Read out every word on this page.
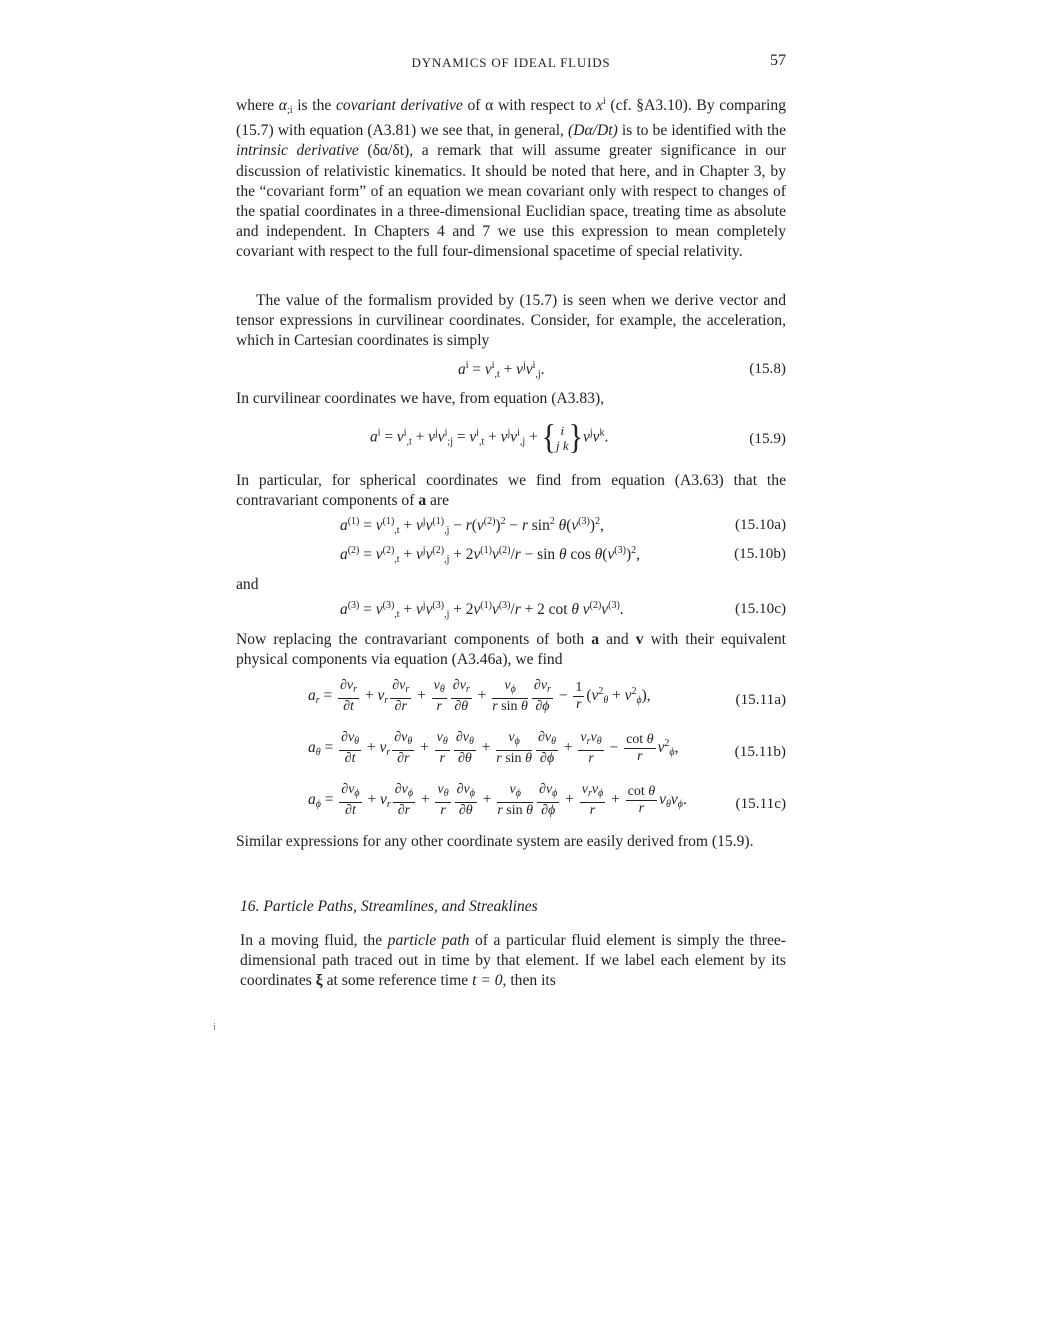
DYNAMICS OF IDEAL FLUIDS	57

where $\alpha_{;i}$ is the covariant derivative of α with respect to $x^i$ (cf. §A3.10). By comparing (15.7) with equation (A3.81) we see that, in general, (Dα/Dt) is to be identified with the intrinsic derivative (δα/δt), a remark that will assume greater significance in our discussion of relativistic kinematics. It should be noted that here, and in Chapter 3, by the “covariant form” of an equation we mean covariant only with respect to changes of the spatial coordinates in a three-dimensional Euclidian space, treating time as absolute and independent. In Chapters 4 and 7 we use this expression to mean completely covariant with respect to the full four-dimensional spacetime of special relativity.

The value of the formalism provided by (15.7) is seen when we derive vector and tensor expressions in curvilinear coordinates. Consider, for example, the acceleration, which in Cartesian coordinates is simply

$a^i = v^i_{,t} + v^jv^i_{,j}$.	(15.8)

In curvilinear coordinates we have, from equation (A3.83),

$a^i = v^i_{,t} + v^jv^i_{;j} = v^i_{,t} + v^jv^i_{,j}$ + { i
j k }$v^jv^k$.	(15.9)

In particular, for spherical coordinates we find from equation (A3.63) that the contravariant components of a are

$a^{(1)} = v^{(1)}_{,t} + v^jv^{(1)}_{,j} - r(v^{(2)})^2 - r$ $\sin^2 \theta(v^{(3)})^2$,	(15.10a)
$a^{(2)} = v^{(2)}_{,t} + v^jv^{(2)}_{,j} + 2v^{(1)}v^{(2)}/r - \sin \theta$ $\cos \theta(v^{(3)})^2$,	(15.10b)
and
$a^{(3)} = v^{(3)}_{,t} + v^jv^{(3)}_{,j} + 2v^{(1)}v^{(3)}/r + 2$ cot θ $v^{(2)}v^{(3)}$.	(15.10c)

Now replacing the contravariant components of both a and v with their equivalent physical components via equation (A3.46a), we find

$a_r = \frac{\partial v_r}{\partial t} + v_r \frac{\partial v_r}{\partial r} + \frac{v_\theta}{r} \frac{\partial v_r}{\partial\theta} + \frac{v_\phi}{\text{r sin θ}} \frac{\partial v_r}{\partial\phi} - \frac{1}{r} (v^2_\theta + v^2_\phi)$,	(15.11a)
$a_\theta = \frac{\partial v_\theta}{\partial t} + v_r \frac{\partial v_\theta}{\partial r} + \frac{v_\theta}{r} \frac{\partial v_\theta}{\partial\theta} + \frac{v_\phi}{\text{r sin θ}} \frac{\partial v_\theta}{\partial\phi} + \frac{v_rv_\theta}{r} - \frac{\text{cot θ}}{r} v^2_\phi$,	(15.11b)
$a_\phi = \frac{\partial v_\phi}{\partial t} + v_r \frac{\partial v_\phi}{\partial r} + \frac{v_\theta}{r} \frac{\partial v_\phi}{\partial\theta} + \frac{v_\phi}{\text{r sin θ}} \frac{\partial v_\phi}{\partial\phi} + \frac{v_rv_\phi}{r} + \frac{\text{cot θ}}{r} v_\theta v_\phi$.	(15.11c)

Similar expressions for any other coordinate system are easily derived from (15.9).

16. Particle Paths, Streamlines, and Streaklines

In a moving fluid, the particle path of a particular fluid element is simply the three-dimensional path traced out in time by that element. If we label each element by its coordinates ξ at some reference time t = 0, then its

i
